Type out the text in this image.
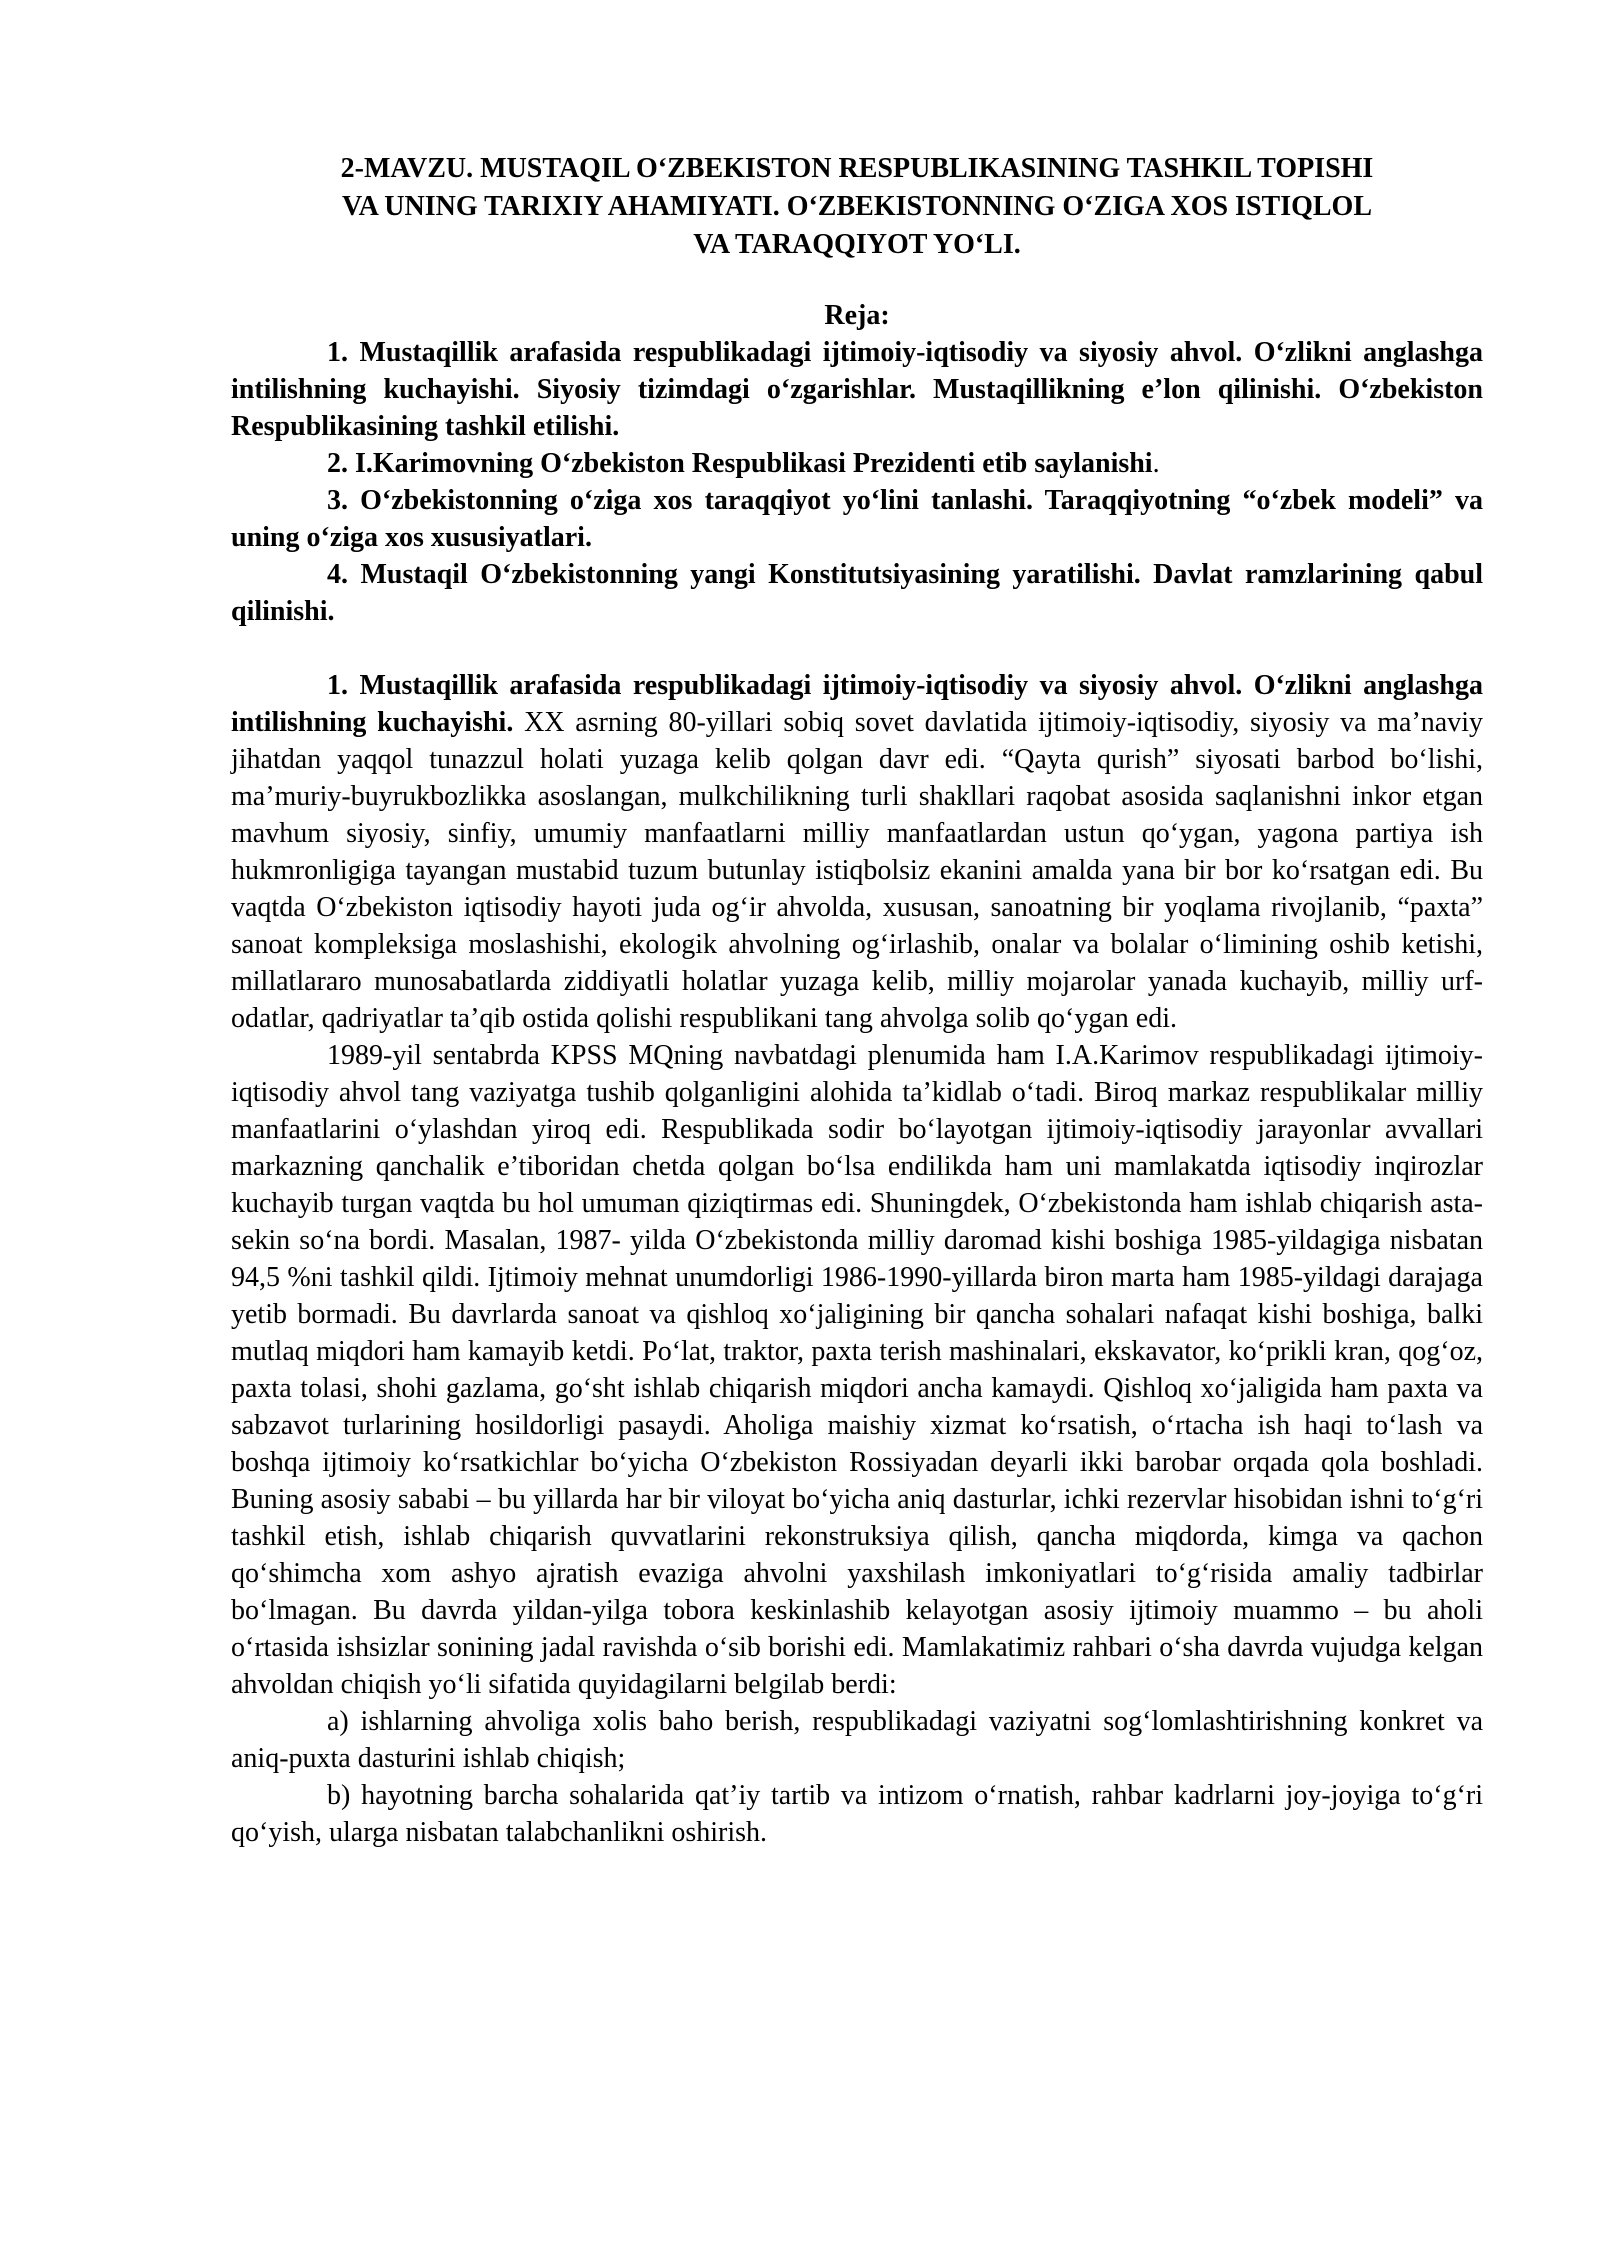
2-MAVZU. MUSTAQIL O‘ZBEKISTON RESPUBLIKASINING TASHKIL TOPISHI
VA UNING TARIXIY AHAMIYATI. O‘ZBEKISTONNING O‘ZIGA XOS ISTIQLOL
VA TARAQQIYOT YO‘LI.
Reja:

1. Mustaqillik arafasida respublikadagi ijtimoiy-iqtisodiy va siyosiy ahvol. O‘zlikni anglashga intilishning kuchayishi. Siyosiy tizimdagi o‘zgarishlar. Mustaqillikning e’lon qilinishi. O‘zbekiston Respublikasining tashkil etilishi.

2. I.Karimovning O‘zbekiston Respublikasi Prezidenti etib saylanishi.

3. O‘zbekistonning o‘ziga xos taraqqiyot yo‘lini tanlashi. Taraqqiyotning “o‘zbek modeli” va uning o‘ziga xos xususiyatlari.

4. Mustaqil O‘zbekistonning yangi Konstitutsiyasining yaratilishi. Davlat ramzlarining qabul qilinishi.

1. Mustaqillik arafasida respublikadagi ijtimoiy-iqtisodiy va siyosiy ahvol. O‘zlikni anglashga intilishning kuchayishi. XX asrning 80-yillari sobiq sovet davlatida ijtimoiy-iqtisodiy, siyosiy va ma’naviy jihatdan yaqqol tunazzul holati yuzaga kelib qolgan davr edi. “Qayta qurish” siyosati barbod bo‘lishi, ma’muriy-buyrukbozlikka asoslangan, mulkchilikning turli shakllari raqobat asosida saqlanishni inkor etgan mavhum siyosiy, sinfiy, umumiy manfaatlarni milliy manfaatlardan ustun qo‘ygan, yagona partiya ish hukmronligiga tayangan mustabid tuzum butunlay istiqbolsiz ekanini amalda yana bir bor ko‘rsatgan edi. Bu vaqtda O‘zbekiston iqtisodiy hayoti juda og‘ir ahvolda, xususan, sanoatning bir yoqlama rivojlanib, “paxta” sanoat kompleksiga moslashishi, ekologik ahvolning og‘irlashib, onalar va bolalar o‘limining oshib ketishi, millatlararo munosabatlarda ziddiyatli holatlar yuzaga kelib, milliy mojarolar yanada kuchayib, milliy urf-odatlar, qadriyatlar ta’qib ostida qolishi respublikani tang ahvolga solib qo‘ygan edi.

1989-yil sentabrda KPSS MQning navbatdagi plenumida ham I.A.Karimov respublikadagi ijtimoiy-iqtisodiy ahvol tang vaziyatga tushib qolganligini alohida ta’kidlab o‘tadi. Biroq markaz respublikalar milliy manfaatlarini o‘ylashdan yiroq edi. Respublikada sodir bo‘layotgan ijtimoiy-iqtisodiy jarayonlar avvallari markazning qanchalik e’tiboridan chetda qolgan bo‘lsa endilikda ham uni mamlakatda iqtisodiy inqirozlar kuchayib turgan vaqtda bu hol umuman qiziqtirmas edi. Shuningdek, O‘zbekistonda ham ishlab chiqarish asta-sekin so‘na bordi. Masalan, 1987- yilda O‘zbekistonda milliy daromad kishi boshiga 1985-yildagiga nisbatan 94,5 %ni tashkil qildi. Ijtimoiy mehnat unumdorligi 1986-1990-yillarda biron marta ham 1985-yildagi darajaga yetib bormadi. Bu davrlarda sanoat va qishloq xo‘jaligining bir qancha sohalari nafaqat kishi boshiga, balki mutlaq miqdori ham kamayib ketdi. Po‘lat, traktor, paxta terish mashinalari, ekskavator, ko‘prikli kran, qog‘oz, paxta tolasi, shohi gazlama, go‘sht ishlab chiqarish miqdori ancha kamaydi. Qishloq xo‘jaligida ham paxta va sabzavot turlarining hosildorligi pasaydi. Aholiga maishiy xizmat ko‘rsatish, o‘rtacha ish haqi to‘lash va boshqa ijtimoiy ko‘rsatkichlar bo‘yicha O‘zbekiston Rossiyadan deyarli ikki barobar orqada qola boshladi. Buning asosiy sababi – bu yillarda har bir viloyat bo‘yicha aniq dasturlar, ichki rezervlar hisobidan ishni to‘g‘ri tashkil etish, ishlab chiqarish quvvatlarini rekonstruksiya qilish, qancha miqdorda, kimga va qachon qo‘shimcha xom ashyo ajratish evaziga ahvolni yaxshilash imkoniyatlari to‘g‘risida amaliy tadbirlar bo‘lmagan. Bu davrda yildan-yilga tobora keskinlashib kelayotgan asosiy ijtimoiy muammo – bu aholi o‘rtasida ishsizlar sonining jadal ravishda o‘sib borishi edi. Mamlakatimiz rahbari o‘sha davrda vujudga kelgan ahvoldan chiqish yo‘li sifatida quyidagilarni belgilab berdi:

a) ishlarning ahvoliga xolis baho berish, respublikadagi vaziyatni sog‘lomlashtirishning konkret va aniq-puxta dasturini ishlab chiqish;

b) hayotning barcha sohalarida qat’iy tartib va intizom o‘rnatish, rahbar kadrlarni joy-joyiga to‘g‘ri qo‘yish, ularga nisbatan talabchanlikni oshirish.
